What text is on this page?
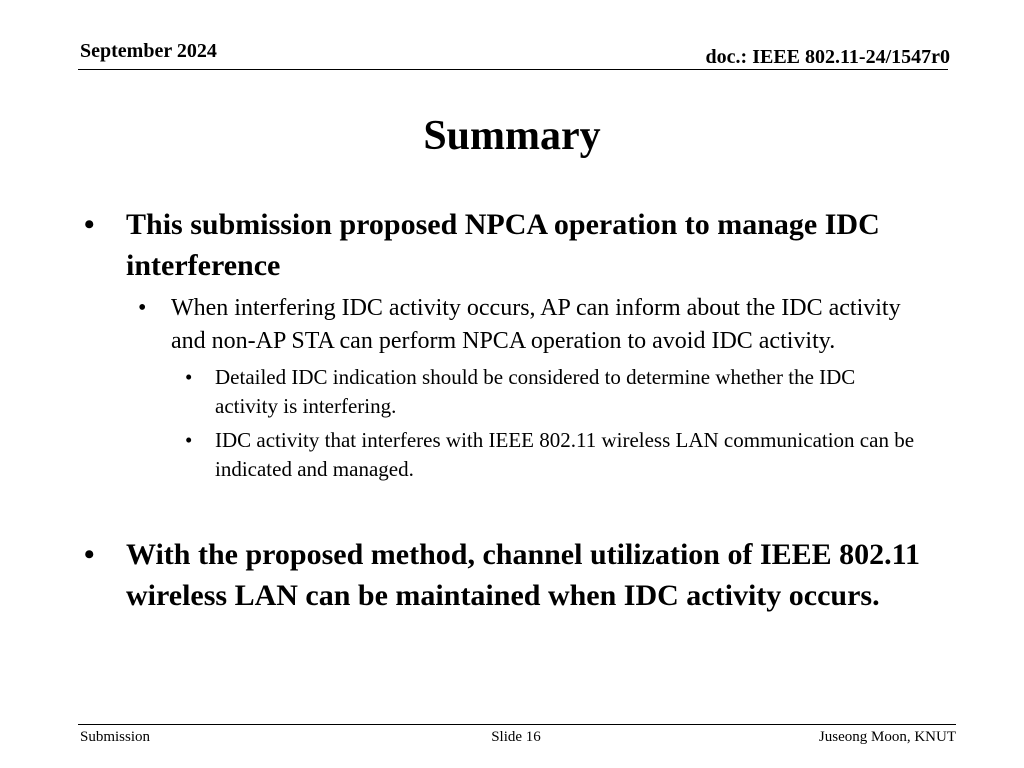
September 2024	doc.: IEEE 802.11-24/1547r0
Summary
• This submission proposed NPCA operation to manage IDC interference
• When interfering IDC activity occurs, AP can inform about the IDC activity and non-AP STA can perform NPCA operation to avoid IDC activity.
• Detailed IDC indication should be considered to determine whether the IDC activity is interfering.
• IDC activity that interferes with IEEE 802.11 wireless LAN communication can be indicated and managed.
• With the proposed method, channel utilization of IEEE 802.11 wireless LAN can be maintained when IDC activity occurs.
Submission	Slide 16	Juseong Moon, KNUT
